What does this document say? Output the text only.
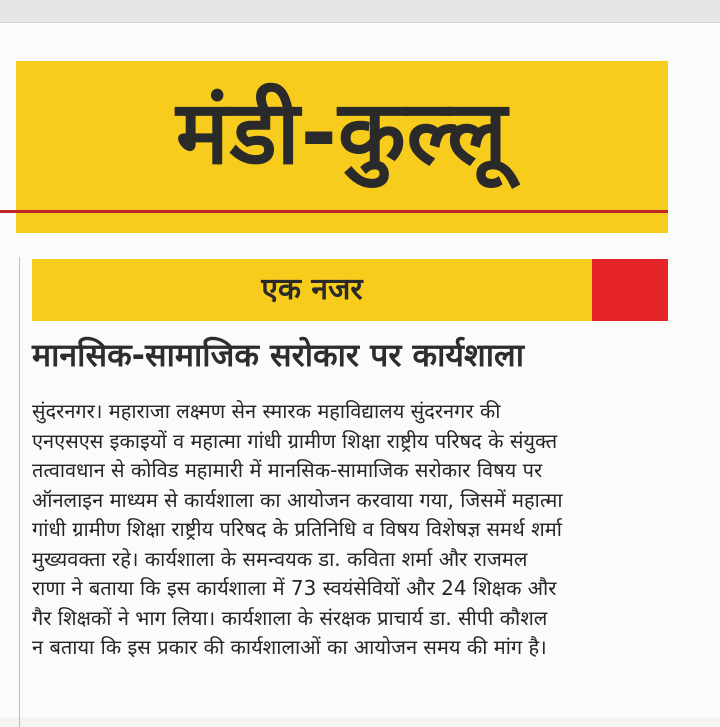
मंडी-कुल्लू
एक नजर
मानसिक-सामाजिक सरोकार पर कार्यशाला
सुंदरनगर। महाराजा लक्ष्मण सेन स्मारक महाविद्यालय सुंदरनगर की
एनएसएस इकाइयों व महात्मा गांधी ग्रामीण शिक्षा राष्ट्रीय परिषद के संयुक्त
तत्वावधान से कोविड महामारी में मानसिक-सामाजिक सरोकार विषय पर
ऑनलाइन माध्यम से कार्यशाला का आयोजन करवाया गया, जिसमें महात्मा
गांधी ग्रामीण शिक्षा राष्ट्रीय परिषद के प्रतिनिधि व विषय विशेषज्ञ समर्थ शर्मा
मुख्यवक्ता रहे। कार्यशाला के समन्वयक डा. कविता शर्मा और राजमल
राणा ने बताया कि इस कार्यशाला में 73 स्वयंसेवियों और 24 शिक्षक और
गैर शिक्षकों ने भाग लिया। कार्यशाला के संरक्षक प्राचार्य डा. सीपी कौशल
न बताया कि इस प्रकार की कार्यशालाओं का आयोजन समय की मांग है।
